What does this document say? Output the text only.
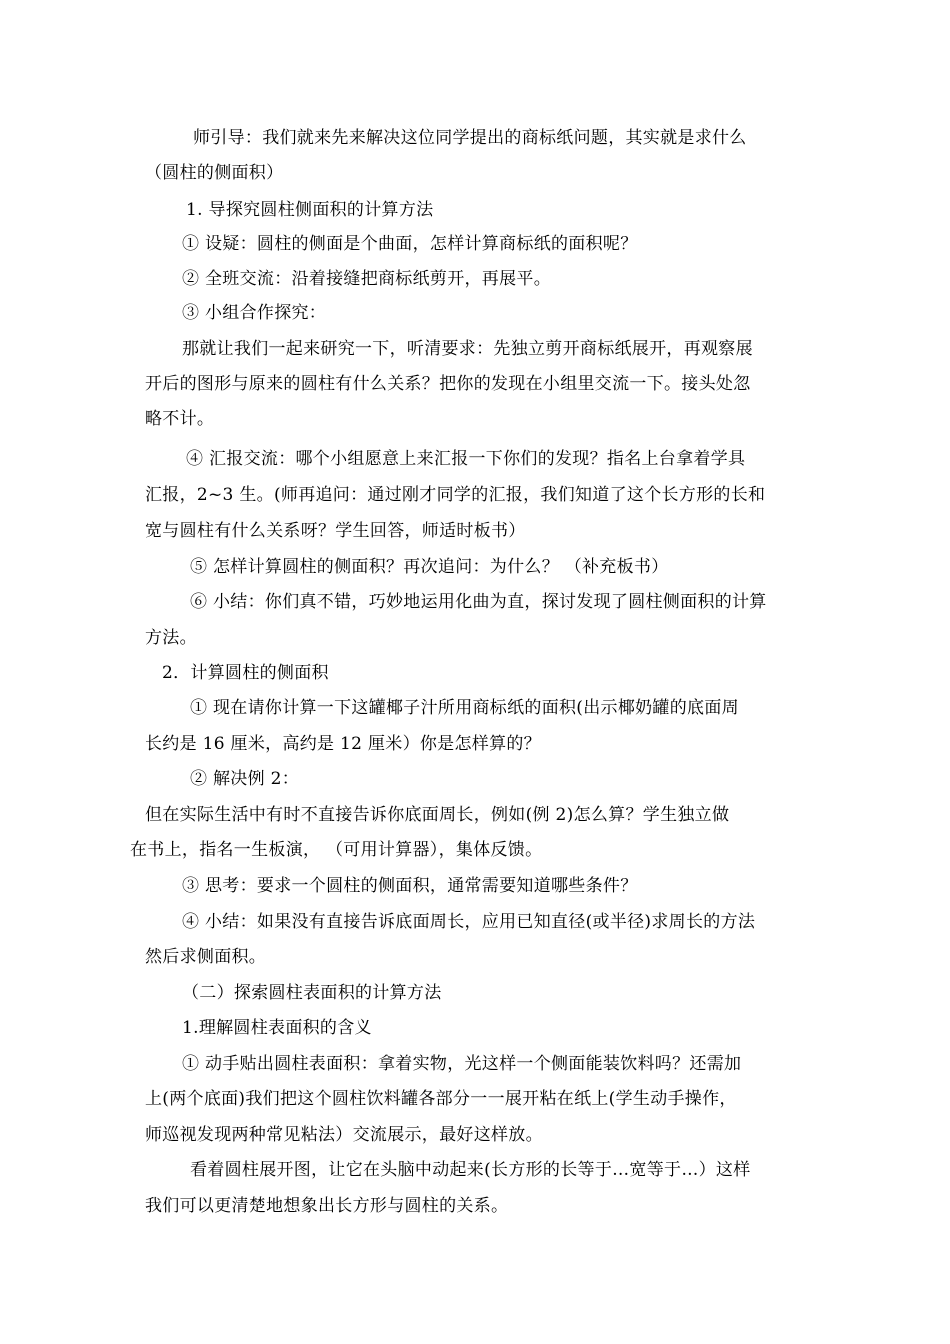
师引导：我们就来先来解决这位同学提出的商标纸问题，其实就是求什么
（圆柱的侧面积）
1. 导探究圆柱侧面积的计算方法
① 设疑：圆柱的侧面是个曲面，怎样计算商标纸的面积呢？
② 全班交流：沿着接缝把商标纸剪开，再展平。
③ 小组合作探究：
那就让我们一起来研究一下，听清要求：先独立剪开商标纸展开，再观察展
开后的图形与原来的圆柱有什么关系？把你的发现在小组里交流一下。接头处忽
略不计。
④ 汇报交流：哪个小组愿意上来汇报一下你们的发现？指名上台拿着学具
汇报，2~3 生。(师再追问：通过刚才同学的汇报，我们知道了这个长方形的长和
宽与圆柱有什么关系呀？学生回答，师适时板书）
⑤ 怎样计算圆柱的侧面积？再次追问：为什么？ （补充板书）
⑥ 小结：你们真不错，巧妙地运用化曲为直，探讨发现了圆柱侧面积的计算
方法。
2．计算圆柱的侧面积
① 现在请你计算一下这罐椰子汁所用商标纸的面积(出示椰奶罐的底面周
长约是 16 厘米，高约是 12 厘米）你是怎样算的？
② 解决例 2：
但在实际生活中有时不直接告诉你底面周长，例如(例 2)怎么算？学生独立做
在书上，指名一生板演， （可用计算器），集体反馈。
③ 思考：要求一个圆柱的侧面积，通常需要知道哪些条件？
④ 小结：如果没有直接告诉底面周长，应用已知直径(或半径)求周长的方法
然后求侧面积。
（二）探索圆柱表面积的计算方法
1.理解圆柱表面积的含义
① 动手贴出圆柱表面积：拿着实物，光这样一个侧面能装饮料吗？还需加
上(两个底面)我们把这个圆柱饮料罐各部分一一展开粘在纸上(学生动手操作，
师巡视发现两种常见粘法）交流展示，最好这样放。
看着圆柱展开图，让它在头脑中动起来(长方形的长等于…宽等于…）这样
我们可以更清楚地想象出长方形与圆柱的关系。
